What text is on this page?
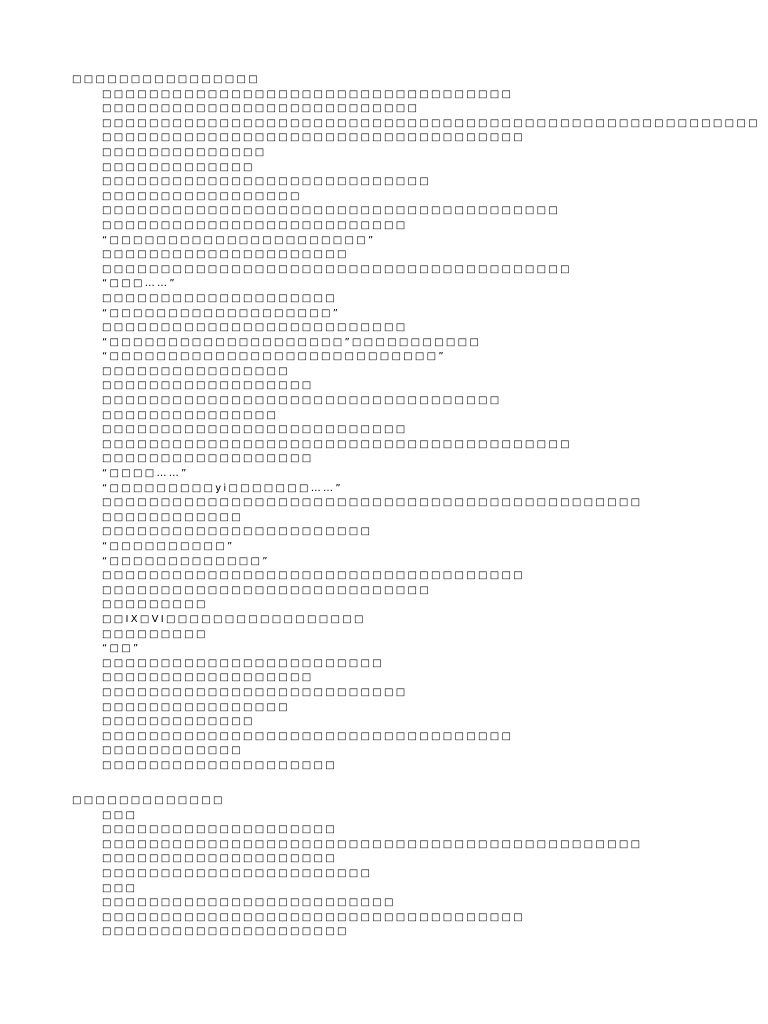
□□□□□□□□□□□□□□□□
□□□□□□□□□□□□□□□□□□□□□□□□□□□□□□□□□□□
□□□□□□□□□□□□□□□□□□□□□□□□□□□
□□□□□□□□□□□□□□□□□□□□□□□□□□□□□□□□□□□□□□□□□□□□□□□□□□□□□□□□
□□□□□□□□□□□□□□□□□□□□□□□□□□□□□□□□□□□□
□□□□□□□□□□□□□□
□□□□□□□□□□□□□
□□□□□□□□□□□□□□□□□□□□□□□□□□□□
□□□□□□□□□□□□□□□□□
□□□□□□□□□□□□□□□□□□□□□□□□□□□□□□□□□□□□□□□
□□□□□□□□□□□□□□□□□□□□□□□□□□
“□□□□□□□□□□□□□□□□□□□□□□”
□□□□□□□□□□□□□□□□□□□□□
□□□□□□□□□□□□□□□□□□□□□□□□□□□□□□□□□□□□□□□□
“□□□……”
□□□□□□□□□□□□□□□□□□□□
“□□□□□□□□□□□□□□□□□□□”
□□□□□□□□□□□□□□□□□□□□□□□□□□
“□□□□□□□□□□□□□□□□□□□□”□□□□□□□□□□□
“□□□□□□□□□□□□□□□□□□□□□□□□□□□□”
□□□□□□□□□□□□□□□□
□□□□□□□□□□□□□□□□□□
□□□□□□□□□□□□□□□□□□□□□□□□□□□□□□□□□□
□□□□□□□□□□□□□□□
□□□□□□□□□□□□□□□□□□□□□□□□□□
□□□□□□□□□□□□□□□□□□□□□□□□□□□□□□□□□□□□□□□□
□□□□□□□□□□□□□□□□□□
“□□□□……”
“□□□□□□□□□yi□□□□□□□……”
□□□□□□□□□□□□□□□□□□□□□□□□□□□□□□□□□□□□□□□□□□□□□□
□□□□□□□□□□□□
□□□□□□□□□□□□□□□□□□□□□□□
“□□□□□□□□□□”
“□□□□□□□□□□□□□”
□□□□□□□□□□□□□□□□□□□□□□□□□□□□□□□□□□□□
□□□□□□□□□□□□□□□□□□□□□□□□□□□□
□□□□□□□□□
□□ⅠX□ⅤI□□□□□□□□□□□□□□□□□
□□□□□□□□□
“□□”
□□□□□□□□□□□□□□□□□□□□□□□□
□□□□□□□□□□□□□□□□□□
□□□□□□□□□□□□□□□□□□□□□□□□□□
□□□□□□□□□□□□□□□□
□□□□□□□□□□□□□
□□□□□□□□□□□□□□□□□□□□□□□□□□□□□□□□□□□
□□□□□□□□□□□□
□□□□□□□□□□□□□□□□□□□□
□□□□□□□□□□□□□
□□□
□□□□□□□□□□□□□□□□□□□□
□□□□□□□□□□□□□□□□□□□□□□□□□□□□□□□□□□□□□□□□□□□□□□
□□□□□□□□□□□□□□□□□□□□
□□□□□□□□□□□□□□□□□□□□□□□
□□□
□□□□□□□□□□□□□□□□□□□□□□□□□
□□□□□□□□□□□□□□□□□□□□□□□□□□□□□□□□□□□□
□□□□□□□□□□□□□□□□□□□□□
